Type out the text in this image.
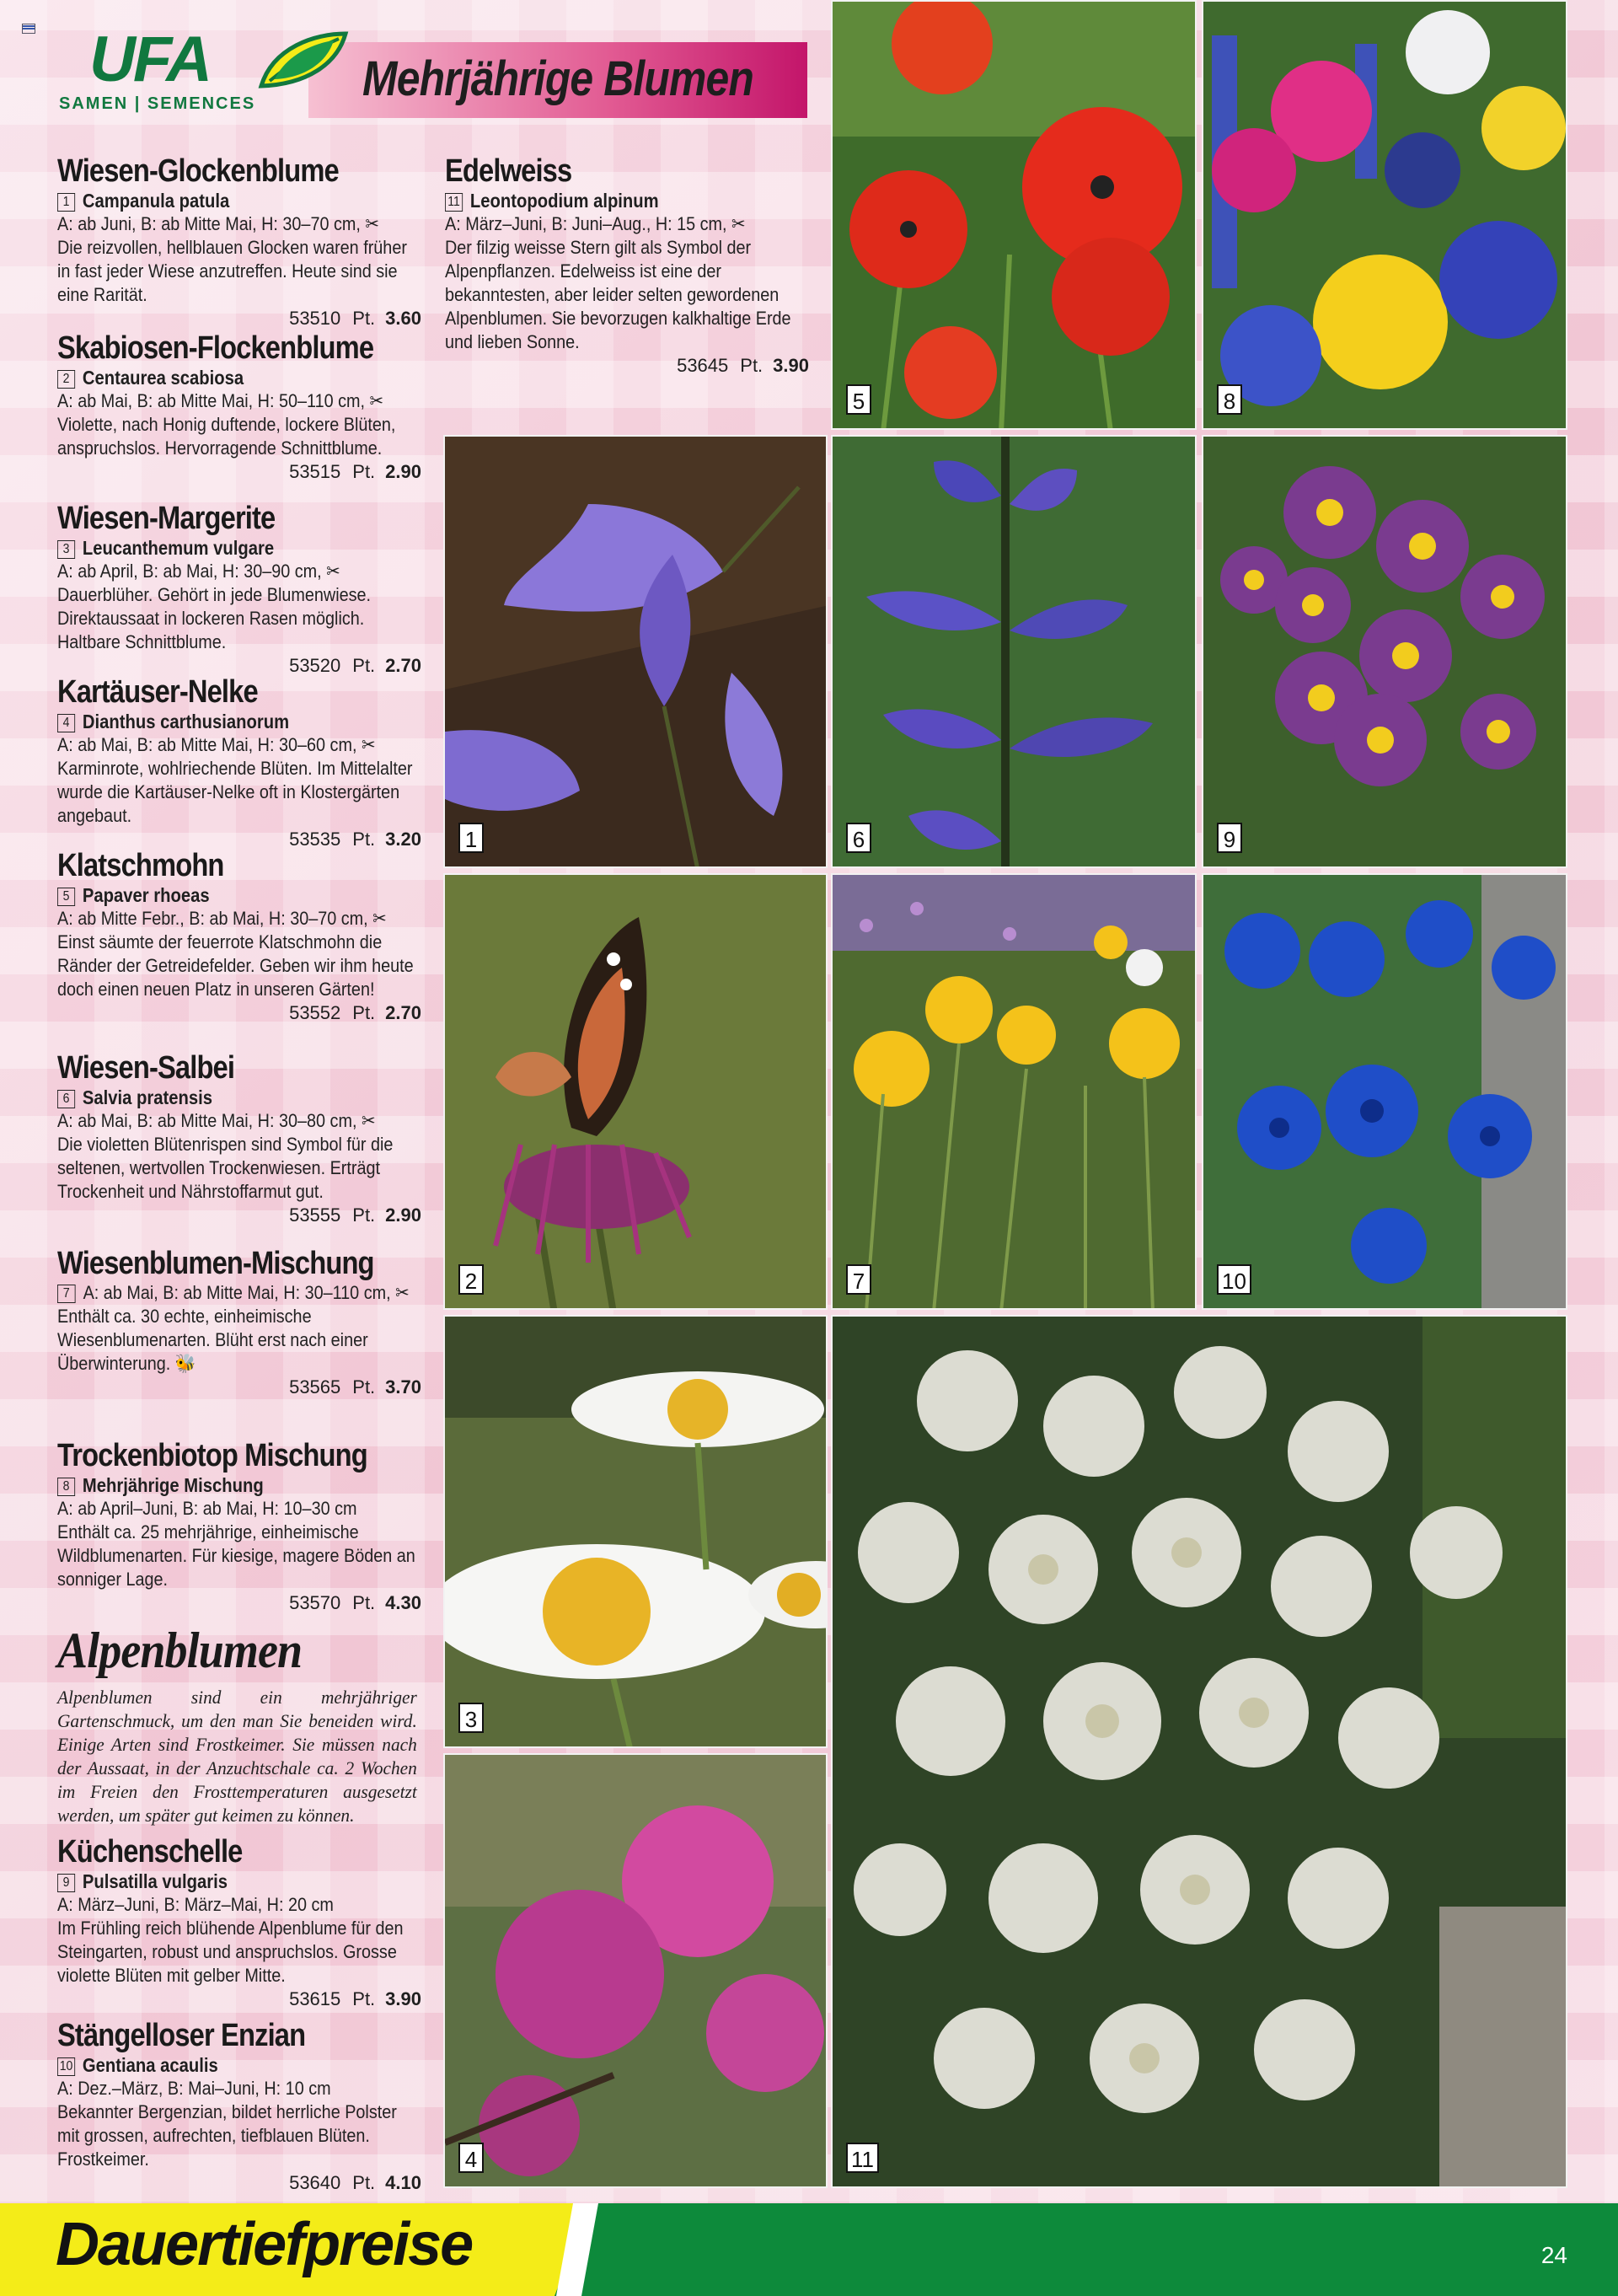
Mehrjährige Blumen
UFA
SAMEN | SEMENCES
Wiesen-Glockenblume
1 Campanula patula
A: ab Juni, B: ab Mitte Mai, H: 30–70 cm, ✂
Die reizvollen, hellblauen Glocken waren früher in fast jeder Wiese anzutreffen. Heute sind sie eine Rarität.
53510 Pt. 3.60
Skabiosen-Flockenblume
2 Centaurea scabiosa
A: ab Mai, B: ab Mitte Mai, H: 50–110 cm, ✂
Violette, nach Honig duftende, lockere Blüten, anspruchslos. Hervorragende Schnittblume.
53515 Pt. 2.90
Wiesen-Margerite
3 Leucanthemum vulgare
A: ab April, B: ab Mai, H: 30–90 cm, ✂
Dauerblüher. Gehört in jede Blumenwiese. Direktaussaat in lockeren Rasen möglich. Haltbare Schnittblume.
53520 Pt. 2.70
Kartäuser-Nelke
4 Dianthus carthusianorum
A: ab Mai, B: ab Mitte Mai, H: 30–60 cm, ✂
Karminrote, wohlriechende Blüten. Im Mittelalter wurde die Kartäuser-Nelke oft in Klostergärten angebaut.
53535 Pt. 3.20
Klatschmohn
5 Papaver rhoeas
A: ab Mitte Febr., B: ab Mai, H: 30–70 cm, ✂
Einst säumte der feuerrote Klatschmohn die Ränder der Getreidefelder. Geben wir ihm heute doch einen neuen Platz in unseren Gärten!
53552 Pt. 2.70
Wiesen-Salbei
6 Salvia pratensis
A: ab Mai, B: ab Mitte Mai, H: 30–80 cm, ✂
Die violetten Blütenrispen sind Symbol für die seltenen, wertvollen Trockenwiesen. Erträgt Trockenheit und Nährstoffarmut gut.
53555 Pt. 2.90
Wiesenblumen-Mischung
7 A: ab Mai, B: ab Mitte Mai, H: 30–110 cm, ✂
Enthält ca. 30 echte, einheimische Wiesenblumenarten. Blüht erst nach einer Überwinterung. 🐝
53565 Pt. 3.70
Trockenbiotop Mischung
8 Mehrjährige Mischung
A: ab April–Juni, B: ab Mai, H: 10–30 cm
Enthält ca. 25 mehrjährige, einheimische Wildblumenarten. Für kiesige, magere Böden an sonniger Lage.
53570 Pt. 4.30
Alpenblumen
Alpenblumen sind ein mehrjähriger Gartenschmuck, um den man Sie beneiden wird. Einige Arten sind Frostkeimer. Sie müssen nach der Aussaat, in der Anzuchtschale ca. 2 Wochen im Freien den Frosttemperaturen ausgesetzt werden, um später gut keimen zu können.
Küchenschelle
9 Pulsatilla vulgaris
A: März–Juni, B: März–Mai, H: 20 cm
Im Frühling reich blühende Alpenblume für den Steingarten, robust und anspruchslos. Grosse violette Blüten mit gelber Mitte.
53615 Pt. 3.90
Stängelloser Enzian
10 Gentiana acaulis
A: Dez.–März, B: Mai–Juni, H: 10 cm
Bekannter Bergenzian, bildet herrliche Polster mit grossen, aufrechten, tiefblauen Blüten. Frostkeimer.
53640 Pt. 4.10
Edelweiss
11 Leontopodium alpinum
A: März–Juni, B: Juni–Aug., H: 15 cm, ✂
Der filzig weisse Stern gilt als Symbol der Alpenpflanzen. Edelweiss ist eine der bekanntesten, aber leider selten gewordenen Alpenblumen. Sie bevorzugen kalkhaltige Erde und lieben Sonne.
53645 Pt. 3.90
5	8
1	6	9
2	7	10
3
11
4
Dauertiefpreise	24
